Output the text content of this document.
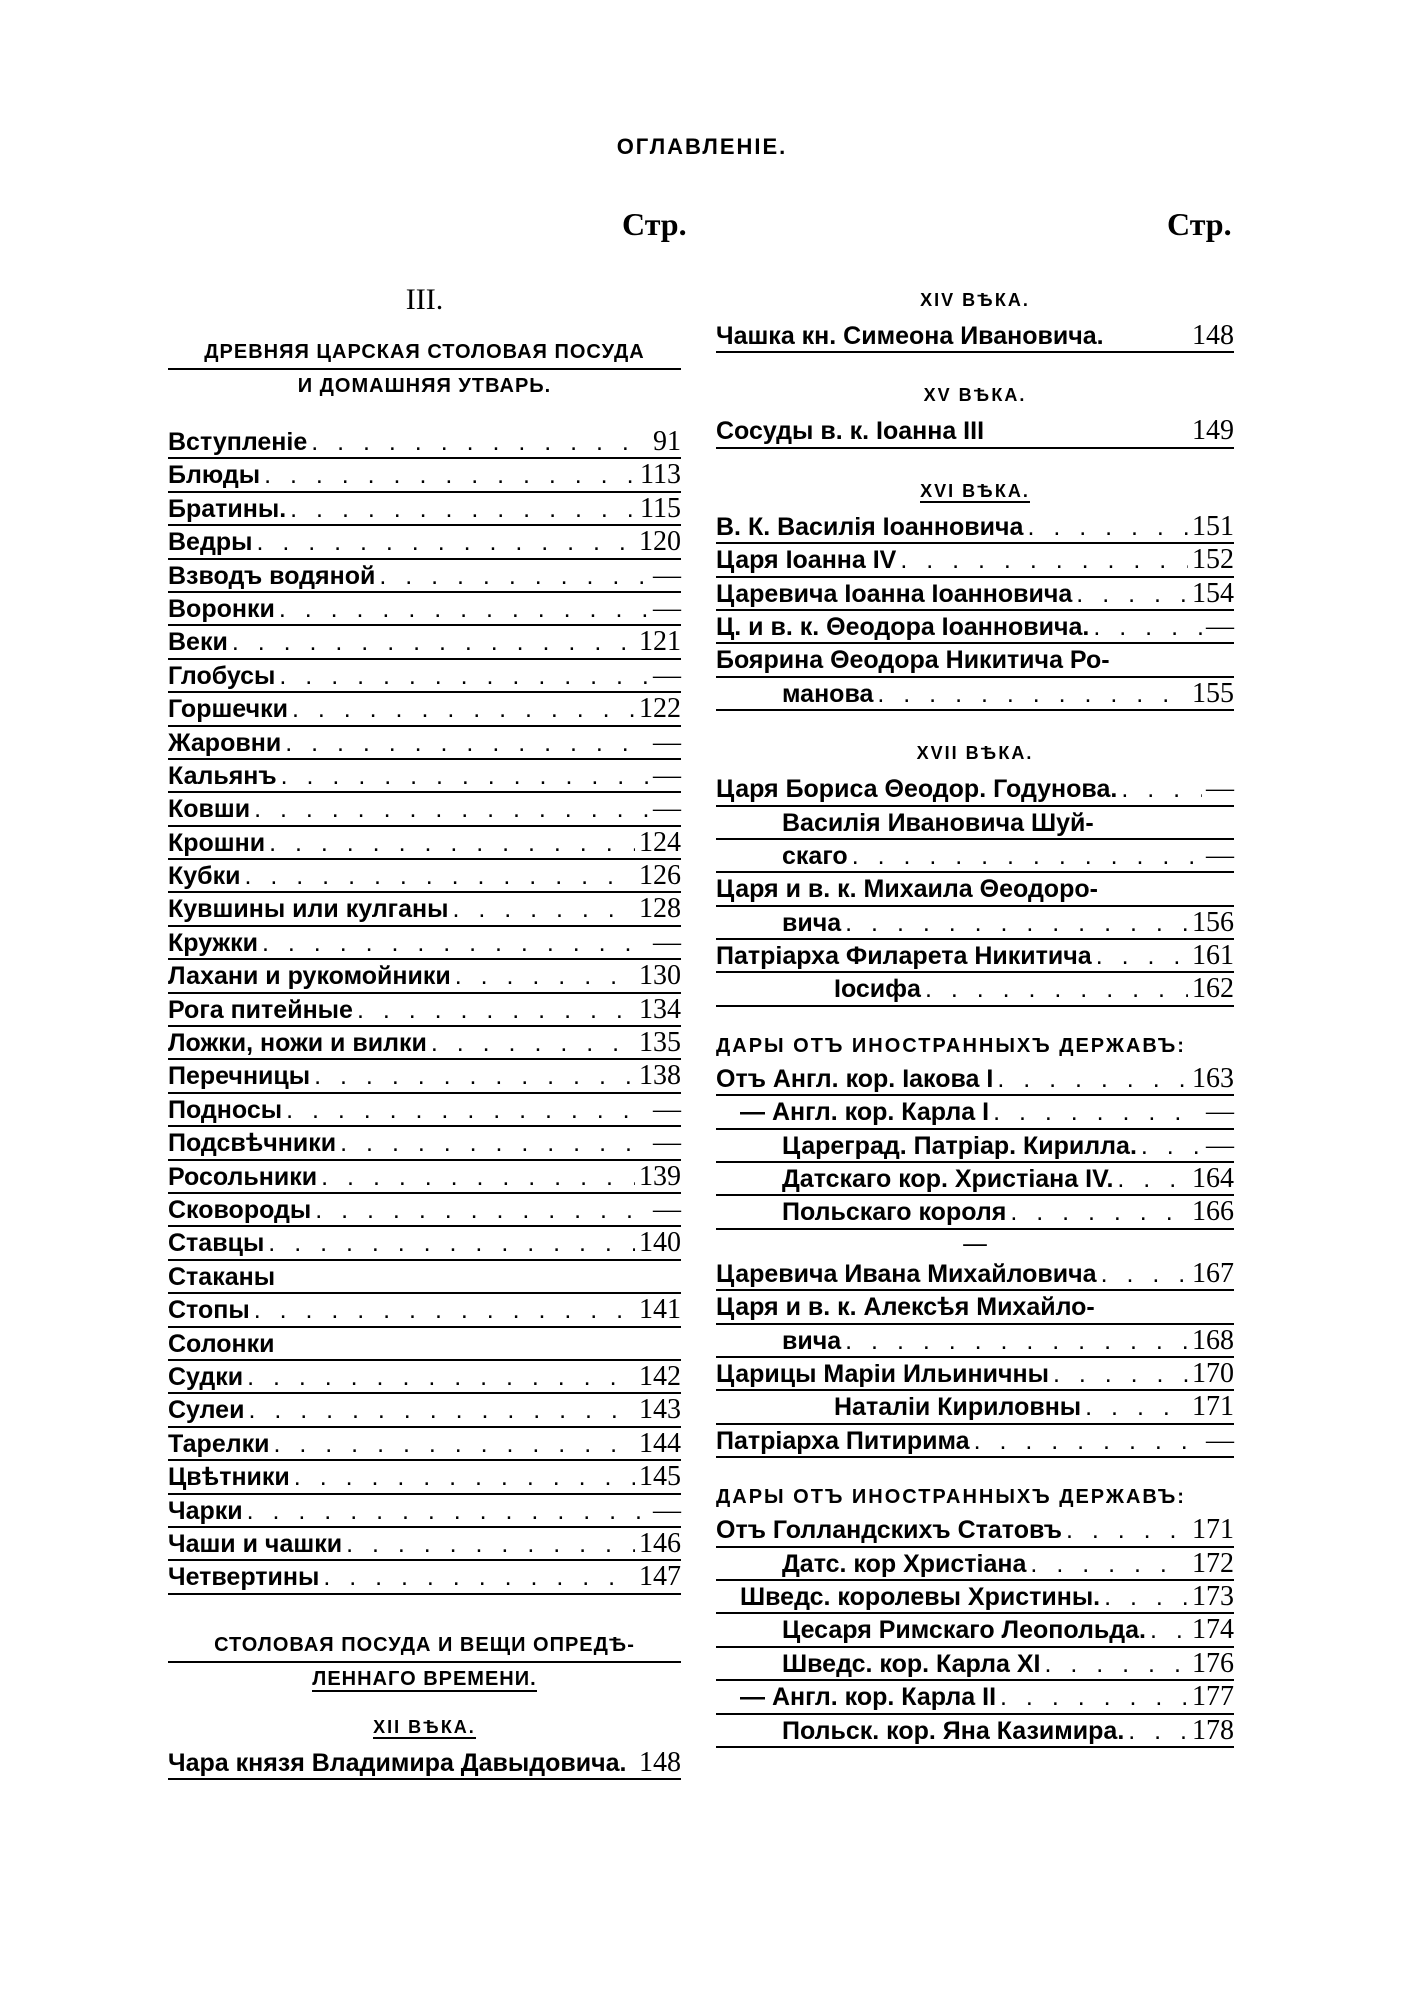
ОГЛАВЛЕНIЕ.
Стр.	Стр.
III.
ДРЕВНЯЯ ЦАРСКАЯ СТОЛОВАЯ ПОСУДА
И ДОМАШНЯЯ УТВАРЬ.
Вступленiе . . .	91
Блюды . . .	113
Братины. . . .	115
Ведры . . .	120
Взводъ водяной . . .	—
Воронки . . .	—
Веки . . .	121
Глобусы . . .	—
Горшечки . . .	122
Жаровни . . .	—
Кальянъ . . .	—
Ковши . . .	—
Крошни . . .	124
Кубки . . .	126
Кувшины или кулганы . . .	128
Кружки . . .	—
Лахани и рукомойники . . .	130
Рога питейные . . .	134
Ложки, ножи и вилки . . .	135
Перечницы . . .	138
Подносы . . .	—
Подсвѣчники . . .	—
Росольники . . .	139
Сковороды . . .	—
Ставцы . . .	140
Стаканы
Стопы . . .	141
Солонки
Судки . . .	142
Сулеи . . .	143
Тарелки . . .	144
Цвѣтники . . .	145
Чарки . . .	—
Чаши и чашки . . .	146
Четвертины . . .	147
СТОЛОВАЯ ПОСУДА И ВЕЩИ ОПРЕДѢ-
ЛЕННАГО ВРЕМЕНИ.
XII ВѢКА.
Чара князя Владимира Давыдовича. 148
XIV ВѢКА.
Чашка кн. Симеона Ивановича.	148
XV ВѢКА.
Сосуды в. к. Iоанна III	149
XVI ВѢКА.
В. К. Василiя Iоанновича . . .	151
Царя Iоанна IV . . .	152
Царевича Iоанна Iоанновича . . .	154
Ц. и в. к. Θеодора Iоанновича. . . .	—
Боярина Θеодора Никитича Ро-
манова . . .	155
XVII ВѢКА.
Царя Бориса Θеодор. Годунова. . . .	—
Василiя Ивановича Шуй-
скаго . . .	—
Царя и в. к. Михаила Θеодоро-
вича . . .	156
Патрiарха Филарета Никитича . . .	161
Iосифа . . .	162
ДАРЫ ОТЪ ИНОСТРАННЫХЪ ДЕРЖАВЪ:
Отъ Англ. кор. Iакова I . . .	163
— Англ. кор. Карла I . . .	—
Цареград. Патрiар. Кирилла. . . . —
Датскаго кор. Христiана IV. . . .	164
Польскаго короля . . .	166
—
Царевича Ивана Михайловича . . .	167
Царя и в. к. Алексѣя Михайло-
вича . . .	168
Царицы Марiи Ильиничны . . .	170
Наталiи Кириловны . . .	171
Патрiарха Питирима . . .	—
ДАРЫ ОТЪ ИНОСТРАННЫХЪ ДЕРЖАВЪ:
Отъ Голландскихъ Статовъ . . .	171
Датс. кор Христiана . . .	172
Шведс. королевы Христины. . . .	173
Цесаря Римскаго Леопольда. . . . 174
Шведс. кор. Карла XI . . .	176
— Англ. кор. Карла II . . .	177
Польск. кор. Яна Казимира. . . . 178
